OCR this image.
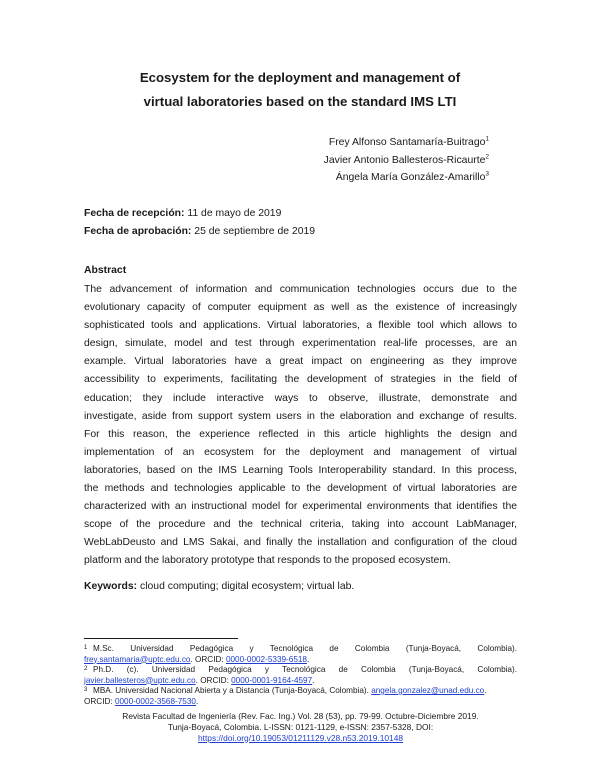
Ecosystem for the deployment and management of
virtual laboratories based on the standard IMS LTI
Frey Alfonso Santamaría-Buitrago$^1$
Javier Antonio Ballesteros-Ricaurte$^2$
Ángela María González-Amarillo$^3$
Fecha de recepción: 11 de mayo de 2019
Fecha de aprobación: 25 de septiembre de 2019
Abstract
The advancement of information and communication technologies occurs due to the
evolutionary capacity of computer equipment as well as the existence of increasingly
sophisticated tools and applications. Virtual laboratories, a flexible tool which allows to
design, simulate, model and test through experimentation real-life processes, are an
example. Virtual laboratories have a great impact on engineering as they improve
accessibility to experiments, facilitating the development of strategies in the field of
education; they include interactive ways to observe, illustrate, demonstrate and
investigate, aside from support system users in the elaboration and exchange of results.
For this reason, the experience reflected in this article highlights the design and
implementation of an ecosystem for the deployment and management of virtual
laboratories, based on the IMS Learning Tools Interoperability standard. In this process,
the methods and technologies applicable to the development of virtual laboratories are
characterized with an instructional model for experimental environments that identifies the
scope of the procedure and the technical criteria, taking into account LabManager,
WebLabDeusto and LMS Sakai, and finally the installation and configuration of the cloud
platform and the laboratory prototype that responds to the proposed ecosystem.
Keywords: cloud computing; digital ecosystem; virtual lab.
1 M.Sc. Universidad Pedagógica y Tecnológica de Colombia (Tunja-Boyacá, Colombia).
frey.santamaria@uptc.edu.co. ORCID: 0000-0002-5339-6518.
2 Ph.D. (c). Universidad Pedagógica y Tecnológica de Colombia (Tunja-Boyacá, Colombia).
javier.ballesteros@uptc.edu.co. ORCID: 0000-0001-9164-4597.
3 MBA. Universidad Nacional Abierta y a Distancia (Tunja-Boyacá, Colombia). angela.gonzalez@unad.edu.co.
ORCID: 0000-0002-3568-7530.
Revista Facultad de Ingeniería (Rev. Fac. Ing.) Vol. 28 (53), pp. 79-99. Octubre-Diciembre 2019.
Tunja-Boyacá, Colombia. L-ISSN: 0121-1129, e-ISSN: 2357-5328, DOI:
https://doi.org/10.19053/01211129.v28.n53.2019.10148
